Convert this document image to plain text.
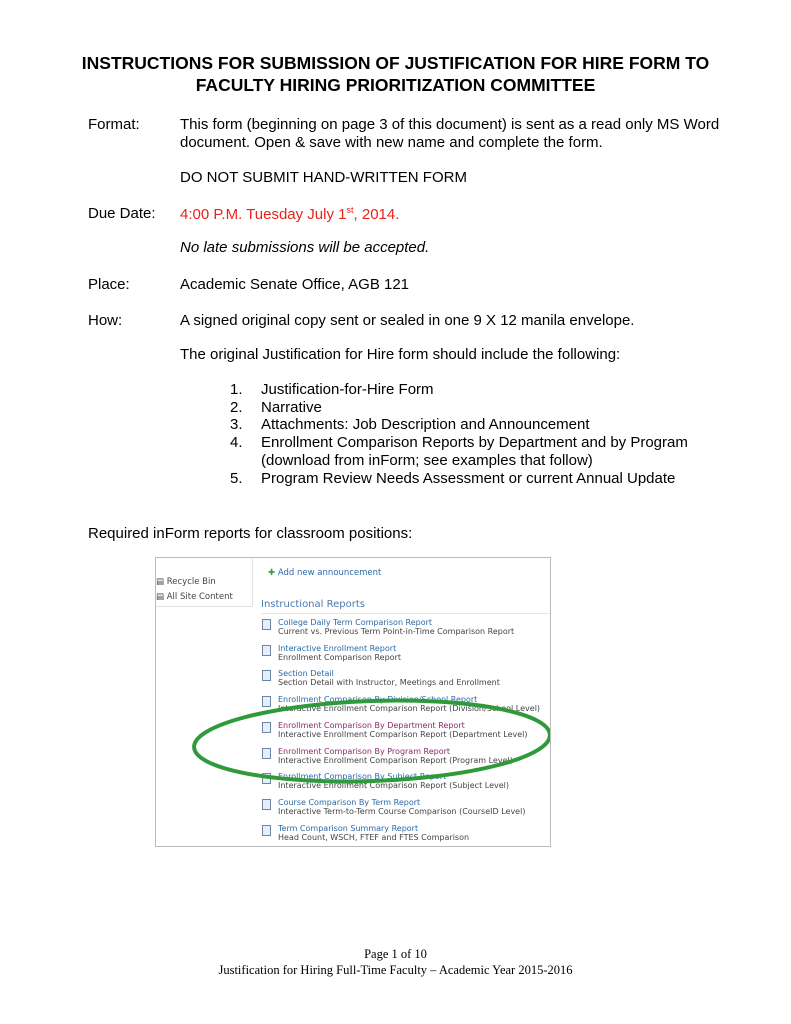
INSTRUCTIONS FOR SUBMISSION OF JUSTIFICATION FOR HIRE FORM TO
FACULTY HIRING PRIORITIZATION COMMITTEE
Format:	This form (beginning on page 3 of this document) is sent as a read only MS Word
document. Open & save with new name and complete the form.
DO NOT SUBMIT HAND-WRITTEN FORM
Due Date: 4:00 P.M. Tuesday July 1st, 2014.
No late submissions will be accepted.
Place:	Academic Senate Office, AGB 121
How:	A signed original copy sent or sealed in one 9 X 12 manila envelope.
The original Justification for Hire form should include the following:
1. Justification-for-Hire Form
2. Narrative
3. Attachments: Job Description and Announcement
4. Enrollment Comparison Reports by Department and by Program
(download from inForm; see examples that follow)
5. Program Review Needs Assessment or current Annual Update
Required inForm reports for classroom positions:
▤ Recycle Bin
▤ All Site Content
✚ Add new announcement
Instructional Reports
College Daily Term Comparison Report
Current vs. Previous Term Point-in-Time Comparison Report
Interactive Enrollment Report
Enrollment Comparison Report
Section Detail
Section Detail with Instructor, Meetings and Enrollment
Enrollment Comparison By Division/School Report
Interactive Enrollment Comparison Report (Division/School Level)
Enrollment Comparison By Department Report
Interactive Enrollment Comparison Report (Department Level)
Enrollment Comparison By Program Report
Interactive Enrollment Comparison Report (Program Level)
Enrollment Comparison By Subject Report
Interactive Enrollment Comparison Report (Subject Level)
Course Comparison By Term Report
Interactive Term-to-Term Course Comparison (CourseID Level)
Term Comparison Summary Report
Head Count, WSCH, FTEF and FTES Comparison
Page 1 of 10
Justification for Hiring Full-Time Faculty – Academic Year 2015-2016
